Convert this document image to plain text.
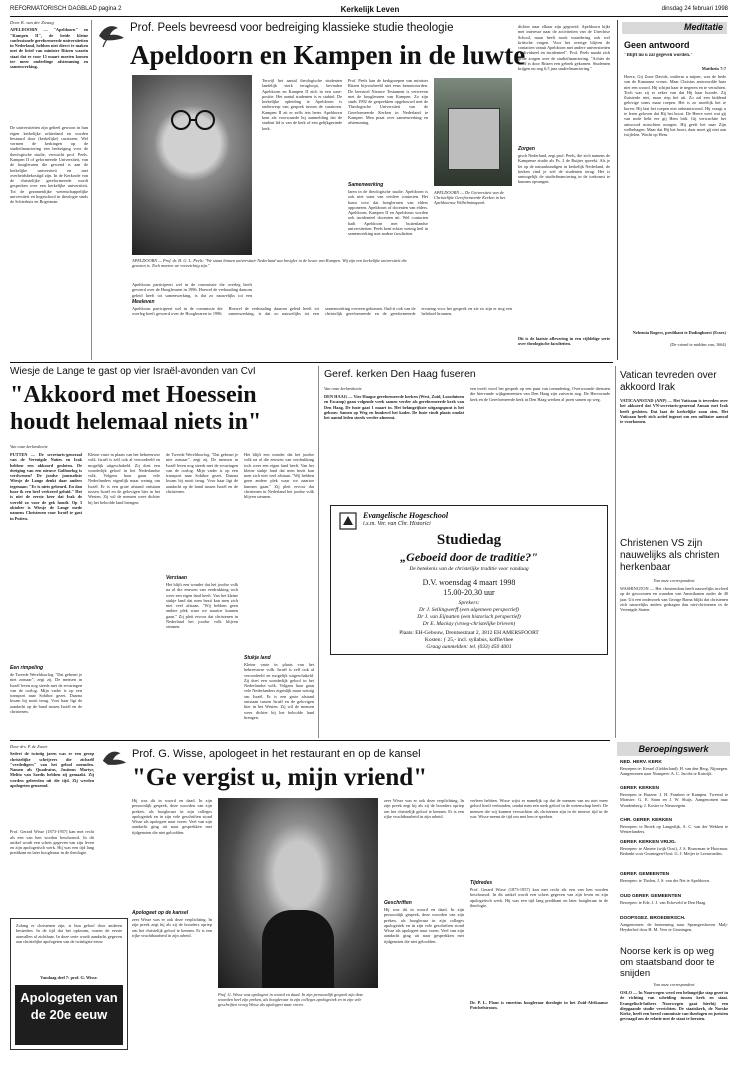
REFORMATORISCH DAGBLAD pagina 2	Kerkelijk Leven	dinsdag 24 februari 1998
Door K. van der Zwaag
APELDOORN — "Apeldoorn" en "Kampen II", de beide kleine confessionele gereformeerde universiteiten in Nederland, hebben niet direct te maken met de brief van minister Ritzen waarin staat dat er voor 15 maart moeten komen ter meer onderlinge afstemming en samenwerking.
De universiteiten zijn geheel gewoon in hun eigen kerkelijke achterland en worden bestuurd door (kerkelijke) curatoren. Wel vormen de kerkingen op de studiefinanciering een bedreiging voor de theologische studie, verwacht prof. Peels. Kampen II of geformeerde Universiteit, van de hoogleraren die gewend is aan de kerkelijke universiteit en met overheidsbekostigd zijn. In de Kerkorde van de christelijke gereformeerde wordt gesproken over een kerkelijke universiteit. Tot de gezamenlijke wetenschappelijke universiteit en hogeschool in theologie sinds de Schierhuis en Bogerman.
Prof. Peels bevreesd voor bedreiging klassieke studie theologie
Apeldoorn en Kampen in de luwte
Terwijl het aantal theologische studenten landelijk sterk terugloopt, bevinden Apeldoorn en Kampen II zich in een oase-positie. Het aantal studenten is er stabiel. De kerkelijke opleiding te Apeldoorn is onderwerp van gesprek tussen de curatoren. Kampen II zit er zelfs iets beter. Apeldoorn kent als voorwaarde bij aanmelding dat de student lid is van de kerk of een gelijkgezinde kerk.
Prof. Peels kan de kerkgroepen van minister Ritzen bijvoorbeeld niet eens beantwoorden. De leerstoel Nieuwe Testament is verweven met de hoogleraren van Kampen. Zo zijn sinds 1992 de gesprekken opgebouwd met de Theologische Universiteit van de Gereformeerde Kerken in Nederland te Kampen. Men praat over samenwerking en afstemming.
Samenwerking
laren in de theologische studie. Apeldoorn is ook niet want van verdere contacten. Het komt voor dat hoogleraren van elders opponeren. Apeldoorn of docenten van elders. Apeldoorn, Kampen II en Apeldoorn worden ook incidenteel docenten uit. Wel contacten hadt Apeldoorn met buitenlandse universiteiten. Peels kent echter weinig heil in samenwerking met andere faculteiten.
APELDOORN — De Universiteit van de Christelijke Gereformeerde Kerken in het Apeldoornse Wilhelminapark.
dichter naar elkaar zijn gegroeid. Apeldoorn kijkt met interesse naar de activiteiten van de Utrechtse School, maar heeft nooit waardering ook wel kritische vragen. Voor het overige blijven de contacten vanuit Apeldoorn met andere universiteiten "individueel en incidenteel". Prof. Peels maakt zich grote zorgen over de studiefinanciering. "Achter de hand is door Ritzen een gebrek gekomen. Studenten krijgen nu nog 6,5 jaar studiefinanciering."
Zorgen
gisch Nederland, zegt prof. Peels, die zich namens de Kampense studie als Ps. 2 de Ruijter spreekt. Als je let op de natuurkundigen in kerkelijk Nederland, de kerken vind je wel de studenten terug. Het is onmogelijk de studiefinanciering in de toekomst te kunnen opvangen.
Dit is de laatste aflevering in een vijfdelige serie over theologische faculteiten.
APELDOORN — Prof. dr. H. G. L. Peels: "We staan binnen universitair Nederland wat breigler in de luwte van Kampen. Wij zijn een kerkelijke universiteit die genoten is. Toch moeten we voorzichtig zijn."
Apeldoorn participeert wel in de commissie die overleg heeft gevoerd over de Hoogleraren in 1996. Hoewel de verhouding daarom geleid heeft tot samenwerking, is dat zo nauwelijks tot een
Meeleven
Apeldoorn participeert wel in de commissie die overleg heeft gevoerd over de Hoogleraren in 1996. Hoewel de verhouding daarom geleid heeft tot samenwerking, is dat zo nauwelijks tot een samenwerking overeen gekomen. Oud-ti ook van de christelijk gereformeerde en de gereformeerde ervaring voor het gesprek en zie zo zijn er nog een heleboel bronnen.
Meditatie
Geen antwoord
"Blijft nu u zal gegeven worden."
Mattheüs 7:7
Hoera, Gij Zone Davids, ontferm u mijner, was de bede van de Kanaanse vrouw. Maar Christus antwoordde haar niet een woord. Hij schijnt haar te negeren en te verachten. Toch was zij er zeker van dat Hij haar hoorde. Zij fluisterde niet, maar riep het uit. Zo zal een biddend gelovige soms maar roepen. Het is zo moeilijk het te horen: Hij laat het roepen niet onbeantwoord. Hij vraagt u te leren geloven dat Hij het hoort. De Heere weet wat gij van node hebt eer gij Hem bidt. Gij verwachtte het antwoord misschien morgen. Hij geeft het naar Zijn welbehagen. Maar dat Hij het hoort, daar moet gij niet aan twijfelen. Wacht op Hem.
Nehemia Rogers, predikant te Dodinghurst (Essex)
(De vriend te midden van, 1664)
Wiesje de Lange te gast op vier Israël-avonden van CvI
"Akkoord met Hoessein houdt helemaal niets in"
Van onze kerkredactie
PUTTEN — De secretaris-generaal van de Verenigde Naties en Irak hebben een akkoord gesloten. De dreiging van een nieuwe Golfoorlog is verdwenen? De joodse journaliste Wiesje de Lange denkt daar anders tegenaan: "Er is niets gebeurd. En dan hoor ik een heel verkeerd geluid." Het is niet de eerste keer dat Irak de wereld zo voor de gek houdt. Op 3 oktober is Wiesje de Lange mede namens Christenen voor Israël te gast in Putten.
Een rimpeling
de Tweede Wereldoorlog. "Dat gebeurt je niet zomaar", zegt zij. De mensen in Israël leven nog steeds met de ervaringen van de oorlog. Mijn vader is op een transport naar Sobibor gezet. Daarna kwam hij nooit terug. Voor haar ligt de aandacht op de band tussen Israël en de christenen.
Kleine vaste in plaats van het hebreeuwse volk. Israël is zelf ook al veroordeeld en mogelijk uitgeschakeld. Zij doet een wonderlijk geloof in het Nederlandse volk. Volgens haar gaan vele Nederlanders eigenlijk maar weinig om Israël. Er is een grote afstand ontstaan tussen Israël en de gelovigen hier in het Westen. Zij wil de mensen weer dichter bij het beloofde land brengen.
de Tweede Wereldoorlog. "Dat gebeurt je niet zomaar", zegt zij. De mensen in Israël leven nog steeds met de ervaringen van de oorlog. Mijn vader is op een transport naar Sobibor gezet. Daarna kwam hij nooit terug. Voor haar ligt de aandacht op de band tussen Israël en de christenen.
Verstaan
Het blijft een wonder dat het joodse volk na al die eeuwen van verdrukking toch weer een eigen land heeft. Van het kleine stukje land dat men bezit kan men zich niet veel afstaan. "Wij hebben geen andere plek waar we naartoe kunnen gaan." Zij pleit ervoor dat christenen in Nederland het joodse volk blijven steunen.
Het blijft een wonder dat het joodse volk na al die eeuwen van verdrukking toch weer een eigen land heeft. Van het kleine stukje land dat men bezit kan men zich niet veel afstaan. "Wij hebben geen andere plek waar we naartoe kunnen gaan." Zij pleit ervoor dat christenen in Nederland het joodse volk blijven steunen.
Stukje land
Kleine vaste in plaats van het hebreeuwse volk. Israël is zelf ook al veroordeeld en mogelijk uitgeschakeld. Zij doet een wonderlijk geloof in het Nederlandse volk. Volgens haar gaan vele Nederlanders eigenlijk maar weinig om Israël. Er is een grote afstand ontstaan tussen Israël en de gelovigen hier in het Westen. Zij wil de mensen weer dichter bij het beloofde land brengen.
Geref. kerken Den Haag fuseren
Van onze kerkredactie
DEN HAAG — Vier Haagse gereformeerde kerken (West, Zuid, Loosduinen en Escamp) gaan volgende week samen verder als gereformeerde kerk van Den Haag. De fusie gaat 1 maart in. Het belangrijkste uitgangspunt is het gebouw Samen op Weg en hunkerd het kader. De fusie vindt plaats omdat het aantal leden steeds verder afneemt.
een troeft voorl het gesprek op een punt van toenadering. Overwoonde diensten die hiervande wijkgemeenten van Den Haag zijn zuiverin nog. De Hervormde kerk en de Gereformeerde kerk in Den Haag werken al jaren samen op weg.
Evangelische Hogeschool
i.s.m. Ver. van Chr. Historici
Studiedag
„Geboeid door de traditie?"
De betekenis van de christelijke traditie voor vandaag
D.V. woensdag 4 maart 1998
15.00-20.30 uur
Sprekers:
Dr J. Sellingwerff (een algemeen perspectief)
Dr J. van Eijnatten (een historisch perspectief)
Dr E. Mackay (vroeg-christelijke brieven)
Plaats: EH-Gebouw, Drentsestraat 2, 3812 EH AMERSFOORT
Kosten: ƒ 25,- incl. syllabus, koffie/thee
Graag aanmelden: tel. (033) 450 4001
Vatican tevreden over akkoord Irak
VATICAANSTAD (ANP) — Het Vaticaan is tevreden over het akkoord dat VN-secretaris-generaal Annan met Irak heeft gesloten. Dat laat de kerkelijke zoon zien. Het Vaticaan heeft zich actief ingezet om een militaire aanval te voorkomen.
Christenen VS zijn nauwelijks als christen herkenbaar
Van onze correspondent
WASHINGTON — Het christendom heeft nauwelijks invloed op de gewoonten en waarden van Amerikanen onder de 40 jaar. Uit een onderzoek van George Barna blijkt dat christenen zich nauwelijks anders gedragen dan niet-christenen in de Verenigde Staten.
Door drs. P. de Zwart
Sedert de twintig jaren was er een groep christelijke schrijvers die zichzelf "verdedigers" van het geloof noemden. Namen als Quadratus, Justinus Martyr, Melito van Sardis hebben zij gemaakt. Zij werden geleerden uit die tijd. Zij werden apologeten genoemd.
Prof. Gerard Wisse (1873-1957) kan met recht als een van hen worden beschouwd. In dit artikel wordt een schets gegeven van zijn leven en zijn apologetisch werk. Hij was een tijd lang predikant en later hoogleraar in de theologie.
Prof. G. Wisse, apologeet in het restaurant en op de kansel
"Ge vergist u, mijn vriend"
Hij was dit in woord en daad. In zijn persoonlijk gesprek, deze woorden van zijn preken, als hoogleraar in zijn colleges apologetiek en in zijn vele geschriften stond Wisse als apologeet naar voren. Veel van zijn aandacht ging uit naar gesprekken met tijdgenoten die niet geloofden.
Apologeet op de kansel
zeer Wisse was er ook deze verplichting. In zijn preek zegt hij als zij de hoorders opriep om het christelijk geloof te kennen. Er is een rijke vruchtbaarheid in zijn arbeid.
Prof. G. Wisse was apologeet in woord en daad. In zijn persoonlijk gesprek zijn deze woorden heel zijn preken, als hoogleraar in zijn colleges apologetiek en in zijn vele geschriften vroeg Wisse als apologeet naar voren.
zeer Wisse was er ook deze verplichting. In zijn preek zegt hij als zij de hoorders opriep om het christelijk geloof te kennen. Er is een rijke vruchtbaarheid in zijn arbeid.
Geschriften
Hij was dit in woord en daad. In zijn persoonlijk gesprek, deze woorden van zijn preken, als hoogleraar in zijn colleges apologetiek en in zijn vele geschriften stond Wisse als apologeet naar voren. Veel van zijn aandacht ging uit naar gesprekken met tijdgenoten die niet geloofden.
verleen hebben. Wisse wijst er namelijk op dat de mensen van nu niet meer geloof hoeft verbonden, omdat men een sterk geloof in de wetenschap heeft. De mensen die wij kunnen verwachten als christenen zijn in de nieuwe tijd in de war. Wisse neemt de tijd om met hen te spreken.
Tijdredes
Prof. Gerard Wisse (1873-1957) kan met recht als een van hen worden beschouwd. In dit artikel wordt een schets gegeven van zijn leven en zijn apologetisch werk. Hij was een tijd lang predikant en later hoogleraar in de theologie.
Dr. P. L. Flaur is emeritus hoogleraar theologie in het Zuid-Afrikaanse Potchefstroom.
Zolang er christenen zijn, is hun geloof door anderen bestreden. In de tijd dat het opkwam, waren de eerste aanvallen al zichtbaar. In deze serie wordt aandacht gegeven aan christelijke apologeten van de twintigste eeuw.
Vandaag deel 7: prof. G. Wisse.
Apologeten van de 20e eeuw
Beroepingswerk
NED. HERV. KERK
Beroepen te: Kessel (Gelderland): H. van den Berg, Nijmegen. Aangenomen naar Nunspeet: A. C. Jacobs te Katwijk.
GEREF. KERKEN
Beroepen te Huizen: J. H. Franken te Kampen. Tweetal te Monster: G. E. Stam en J. W. Sluijs. Aangenomen naar Woudenberg: J. Koster te Nieuwegein.
CHR. GEREF. KERKEN
Beroepen: te Broek op Langedijk, A. C. van der Wekken te Westerlanders.
GEREF. KERKEN VRIJG.
Beroepen: te Almere (wijk Oost), J. S. Bouwman te Hoornaar. Bedankt voor Groningen-Oost: G. J. Meijer te Leeuwarden.
GEREF. GEMEENTEN
Beroepen: te Tholen, J. S. van der Net te Apeldoorn.
OUD GEREF. GEMEENTEN
Beroepen: te Ede, J. J. van Eckeveld te Den Haag.
DOOPSGEZ. BROEDERSCH.
Aangenomen: de benoeming naar Sprangershoven Malj-Heyderhof door H. M. Veer te Groningen.
Noorse kerk is op weg om staatsband door te snijden
Van onze correspondent
OSLO — In Noorwegen werd een belangrijke stap gezet in de richting van scheiding tussen kerk en staat. Evangelisch-luthers Noorwegen gaat hierbij een diepgaande studie verrichten. De staatskerk, de Norske Kirke, heeft een breed commissie van theologen en juristen gevraagd om de relatie met de staat te herzien.
